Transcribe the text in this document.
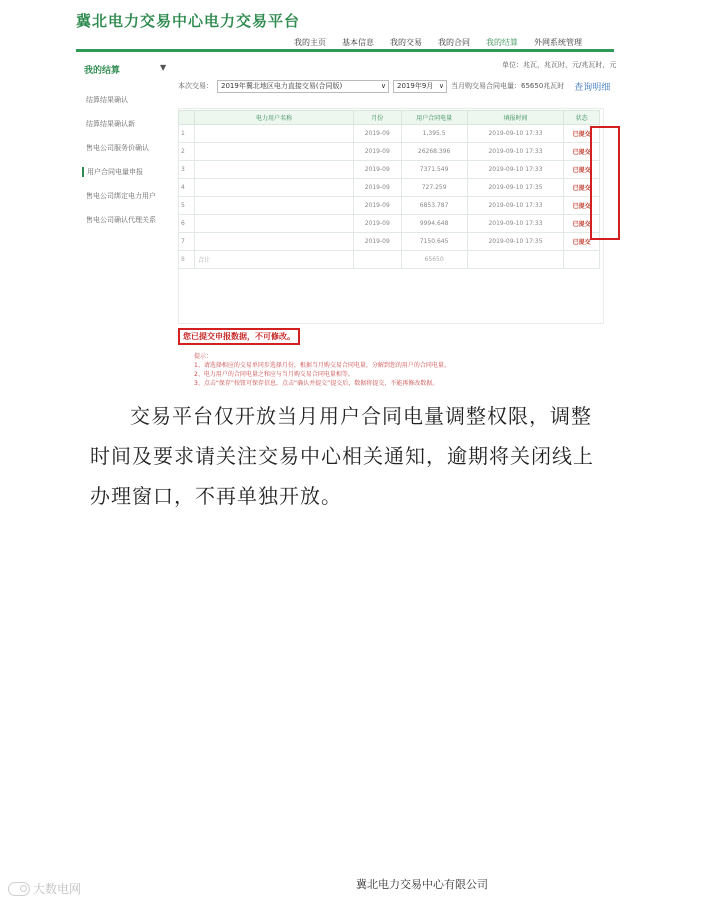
冀北电力交易中心电力交易平台
我的主页	基本信息	我的交易	我的合同	我的结算	外网系统管理
我的结算	▼
结算结果确认
结算结果确认新
售电公司服务价确认
用户合同电量申报
售电公司绑定电力用户
售电公司确认代理关系
单位：兆瓦，兆瓦时，元/兆瓦时，元
本次交易：	2019年冀北地区电力直接交易(合同版)	∨	2019年9月 ∨ 当月购交易合同电量：65650兆瓦时 查询明细
	电力用户名称	月份	用户合同电量	填报时间	状态
1		2019-09	1,395.5	2019-09-10 17:33	已提交
2		2019-09	26268.396	2019-09-10 17:33	已提交
3		2019-09	7371.549	2019-09-10 17:33	已提交
4		2019-09	727.259	2019-09-10 17:35	已提交
5		2019-09	6853.787	2019-09-10 17:33	已提交
6		2019-09	9994.648	2019-09-10 17:33	已提交
7		2019-09	7150.645	2019-09-10 17:35	已提交
8	合计		65650		
您已提交申报数据，不可修改。
提示：
1、请选择相应的交易单同步选择月份，根据当月购交易合同电量，分解到您的用户的合同电量。
2、电力用户的合同电量之和应与当月购交易合同电量相等。
3、点击“保存”按钮可保存信息，点击“确认并提交”提交后，数据将提交，不能再修改数据。
交易平台仅开放当月用户合同电量调整权限，调整时间及要求请关注交易中心相关通知，逾期将关闭线上办理窗口，不再单独开放。
大数电网	冀北电力交易中心有限公司
